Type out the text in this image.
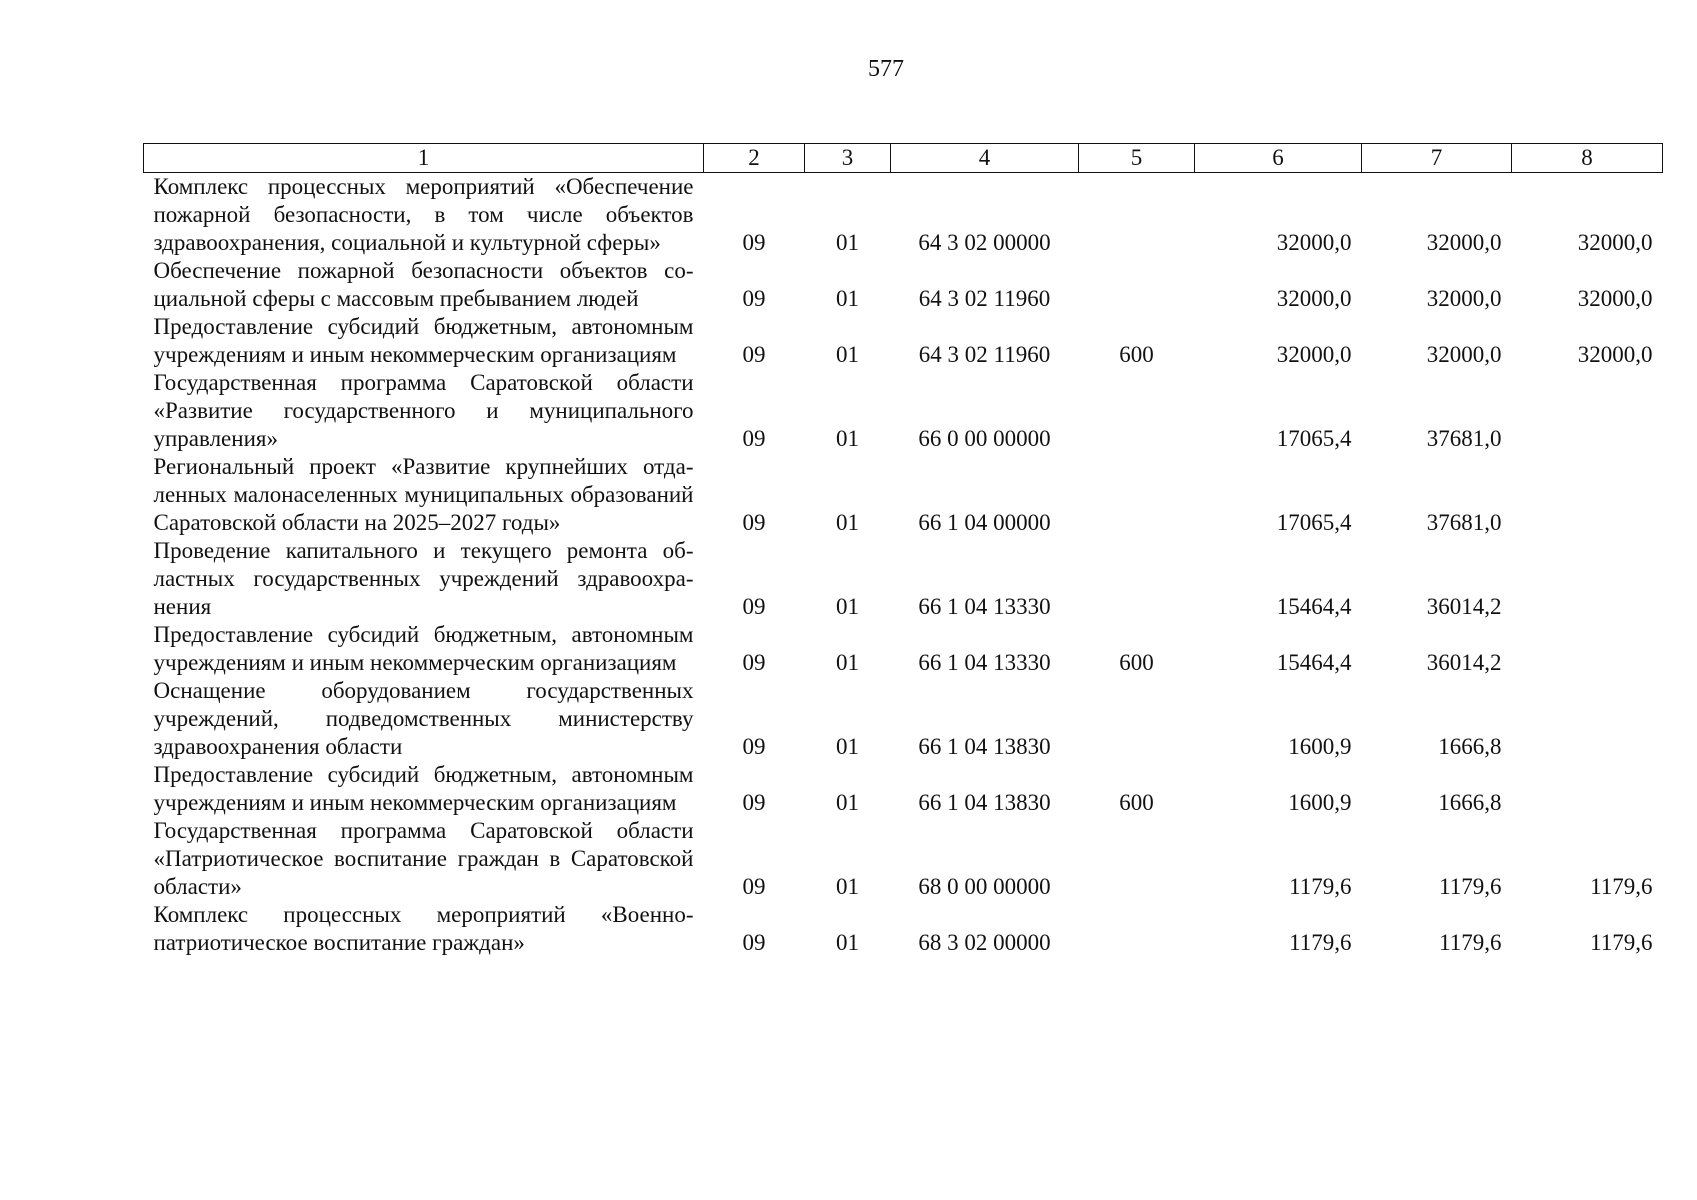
577
1	2	3	4	5	6	7	8
Комплекс процессных мероприятий «Обеспечение пожарной безопасности, в том числе объектов здравоохранения, социальной и культурной сферы»	09	01	64 3 02 00000		32000,0	32000,0	32000,0
Обеспечение пожарной безопасности объектов социальной сферы с массовым пребыванием людей	09	01	64 3 02 11960		32000,0	32000,0	32000,0
Предоставление субсидий бюджетным, автономным учреждениям и иным некоммерческим организациям	09	01	64 3 02 11960	600	32000,0	32000,0	32000,0
Государственная программа Саратовской области «Развитие государственного и муниципального управления»	09	01	66 0 00 00000		17065,4	37681,0	
Региональный проект «Развитие крупнейших отдаленных малонаселенных муниципальных образований Саратовской области на 2025–2027 годы»	09	01	66 1 04 00000		17065,4	37681,0	
Проведение капитального и текущего ремонта областных государственных учреждений здравоохранения	09	01	66 1 04 13330		15464,4	36014,2	
Предоставление субсидий бюджетным, автономным учреждениям и иным некоммерческим организациям	09	01	66 1 04 13330	600	15464,4	36014,2	
Оснащение оборудованием государственных учреждений, подведомственных министерству здравоохранения области	09	01	66 1 04 13830		1600,9	1666,8	
Предоставление субсидий бюджетным, автономным учреждениям и иным некоммерческим организациям	09	01	66 1 04 13830	600	1600,9	1666,8	
Государственная программа Саратовской области «Патриотическое воспитание граждан в Саратовской области»	09	01	68 0 00 00000		1179,6	1179,6	1179,6
Комплекс процессных мероприятий «Военно-патриотическое воспитание граждан»	09	01	68 3 02 00000		1179,6	1179,6	1179,6
